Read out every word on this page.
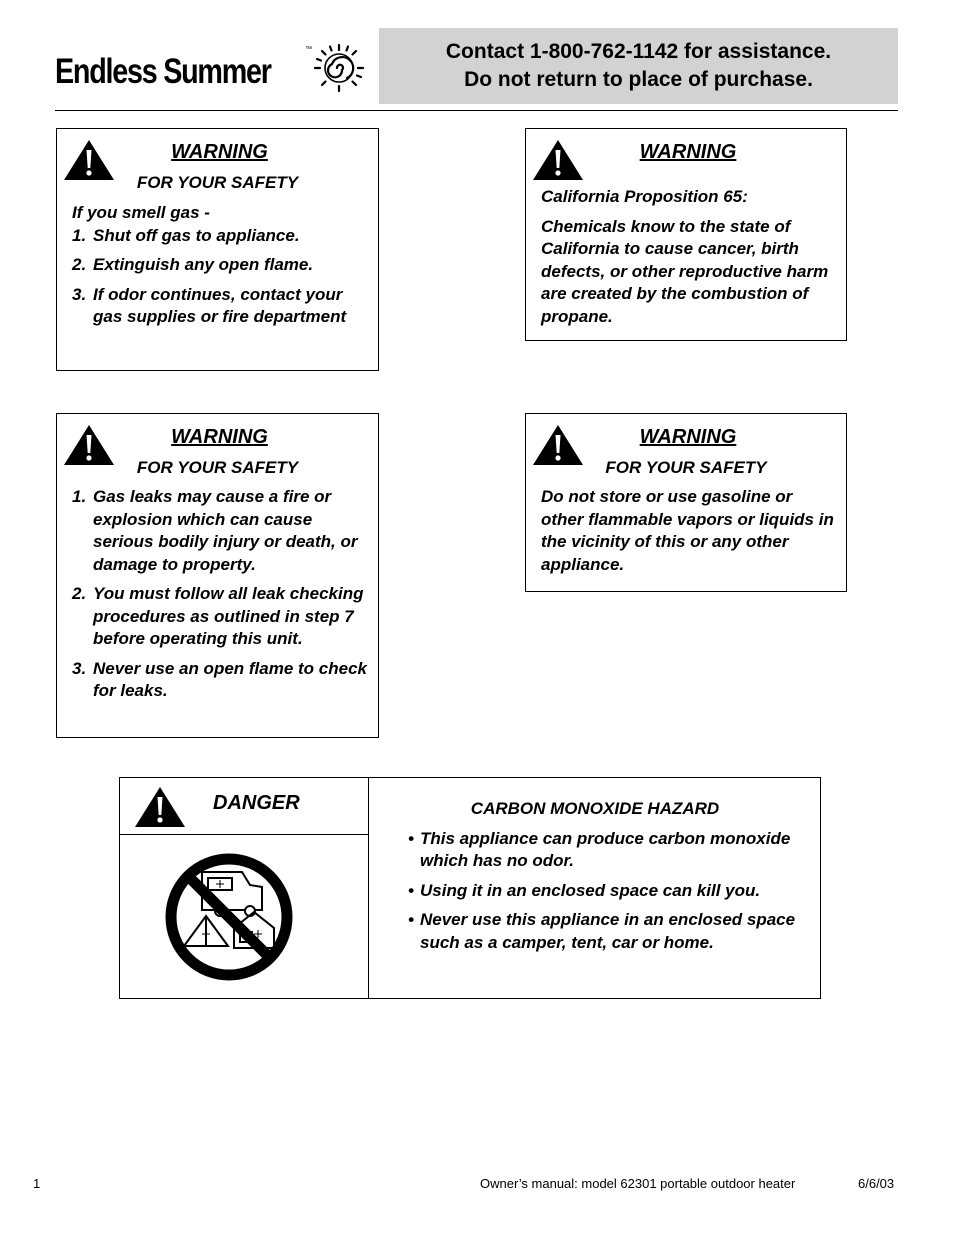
Endless Summer
™	Contact 1-800-762-1142 for assistance.
Do not return to place of purchase.
WARNING
FOR YOUR SAFETY

If you smell gas -

1. Shut off gas to appliance.
2. Extinguish any open flame.
3. If odor continues, contact your gas supplies or fire department
WARNING

California Proposition 65:

Chemicals know to the state of California to cause cancer, birth defects, or other reproductive harm are created by the combustion of propane.

WARNING
FOR YOUR SAFETY
1. Gas leaks may cause a fire or explosion which can cause serious bodily injury or death, or damage to property.
2. You must follow all leak checking procedures as outlined in step 7 before operating this unit.
3. Never use an open flame to check for leaks.
WARNING
FOR YOUR SAFETY

Do not store or use gasoline or other flammable vapors or liquids in the vicinity of this or any other appliance.

DANGER	CARBON MONOXIDE HAZARD
• This appliance can produce carbon monoxide which has no odor.
• Using it in an enclosed space can kill you.
• Never use this appliance in an enclosed space such as a camper, tent, car or home.
1	Owner’s manual: model 62301 portable outdoor heater	6/6/03
